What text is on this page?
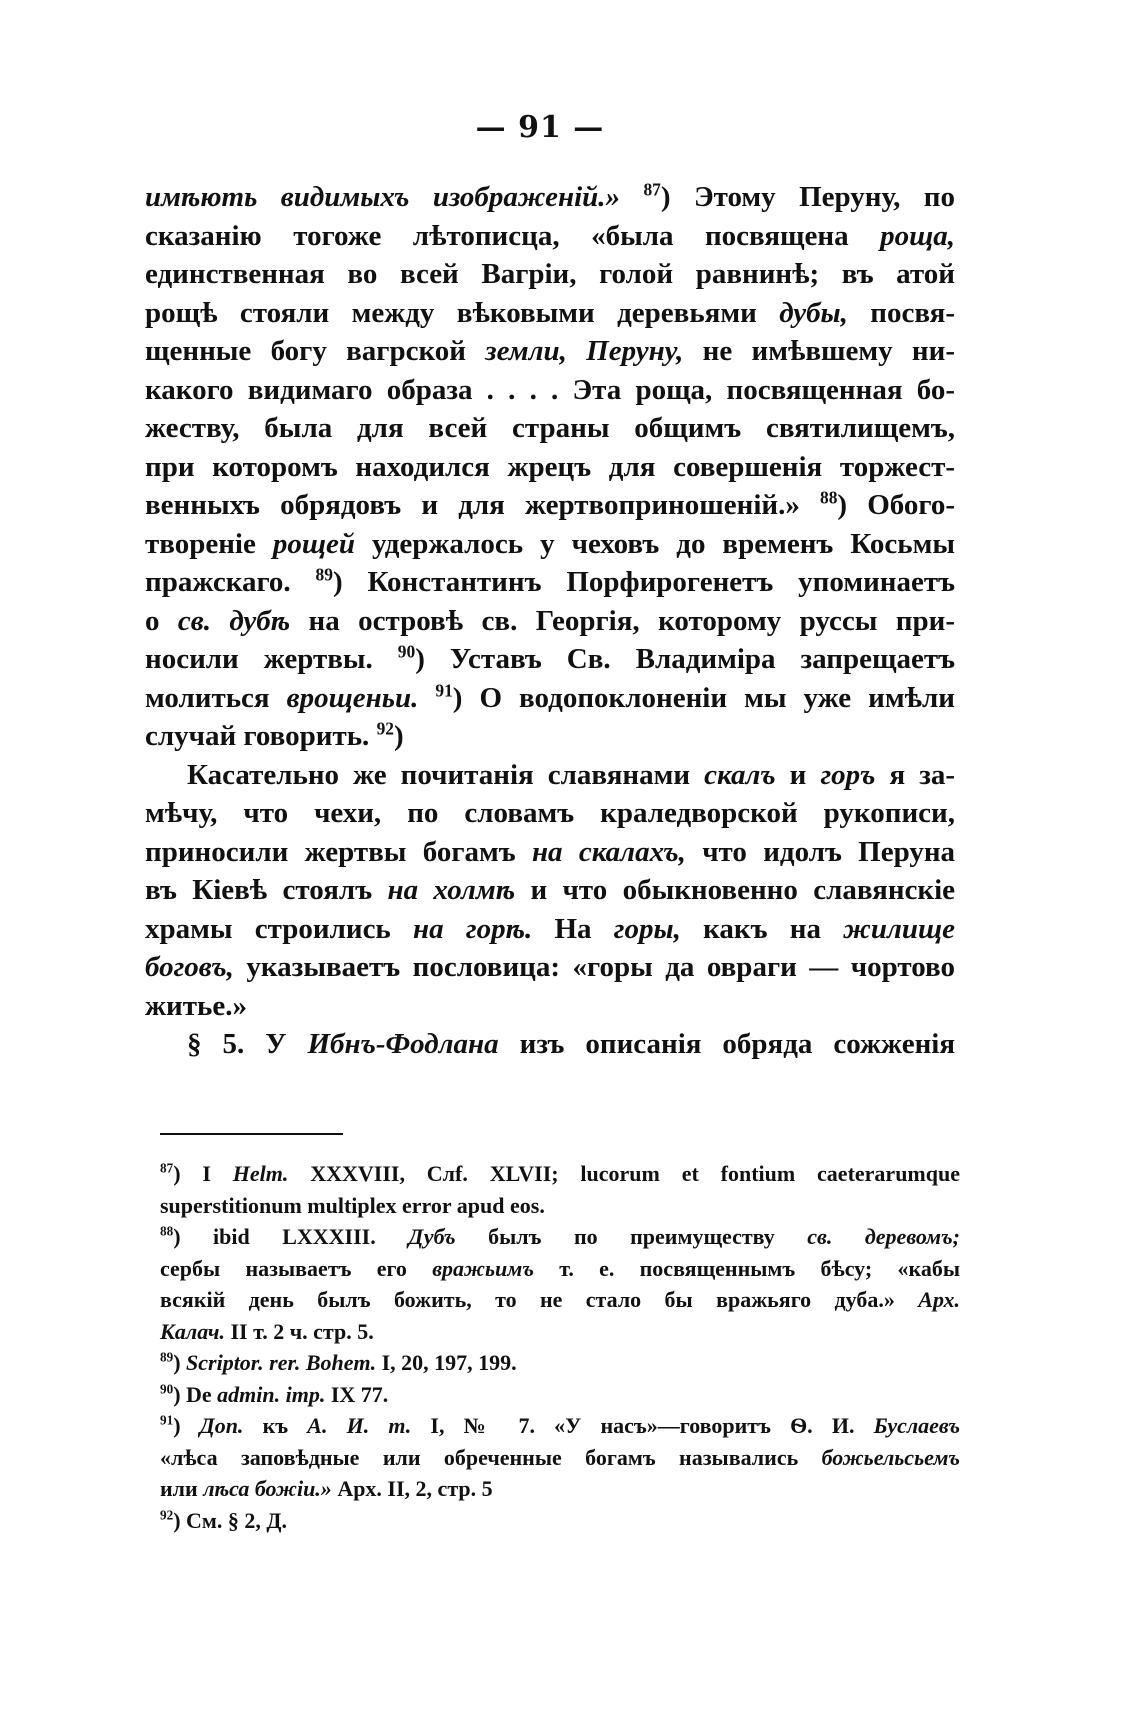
— 91 —
имѣють видимыхъ изображеній.» $^{87}$) Этому Перуну, по
сказанію тогоже лѣтописца, «была посвящена роща,
единственная во всей Вагріи, голой равнинѣ; въ атой
рощѣ стояли между вѣковыми деревьями дубы, посвя-
щенные богу вагрской земли, Перуну, не имѣвшему ни-
какого видимаго образа . . . . Эта роща, посвященная бо-
жеству, была для всей страны общимъ святилищемъ,
при которомъ находился жрецъ для совершенія торжест-
венныхъ обрядовъ и для жертвоприношеній.» $^{88}$) Обого-
твореніе рощей удержалось у чеховъ до временъ Косьмы
пражскаго. $^{89}$) Константинъ Порфирогенетъ упоминаетъ
о св. дубѣ на островѣ св. Георгія, которому руссы при-
носили жертвы. $^{90}$) Уставъ Св. Владиміра запрещаетъ
молиться врощеньи. $^{91}$) О водопоклоненіи мы уже имѣли
случай говорить. $^{92}$)
Касательно же почитанія славянами скалъ и горъ я за-
мѣчу, что чехи, по словамъ краледворской рукописи,
приносили жертвы богамъ на скалахъ, что идолъ Перуна
въ Кіевѣ стоялъ на холмѣ и что обыкновенно славянскіе
храмы строились на горѣ. На горы, какъ на жилище
боговъ, указываетъ пословица: «горы да овраги — чортово
житье.»
§ 5. У Ибнъ-Фодлана изъ описанія обряда сожженія
$^{87}$) I Helm. XXXVIII, Слf. XLVII; lucorum et fontium caeterarumque
superstitionum multiplex error apud eos.
$^{88}$) ibid LXXXIII. Дубъ былъ по преимуществу св. деревомъ;
сербы называетъ его вражьимъ т. е. посвященнымъ бѣсу; «кабы
всякій день былъ божить, то не стало бы вражьяго дуба.» Арх.
Калач. II т. 2 ч. стр. 5.
$^{89}$) Scriptor. rer. Bohem. I, 20, 197, 199.
$^{90}$) De admin. imp. IX 77.
$^{91}$) Доп. къ А. И. т. I, № 7. «У насъ»—говоритъ Ѳ. И. Буслаевъ
«лѣса заповѣдные или обреченные богамъ назывались божьельсьемъ
или лѣса божіи.» Арх. II, 2, стр. 5
$^{92}$) См. § 2, Д.
